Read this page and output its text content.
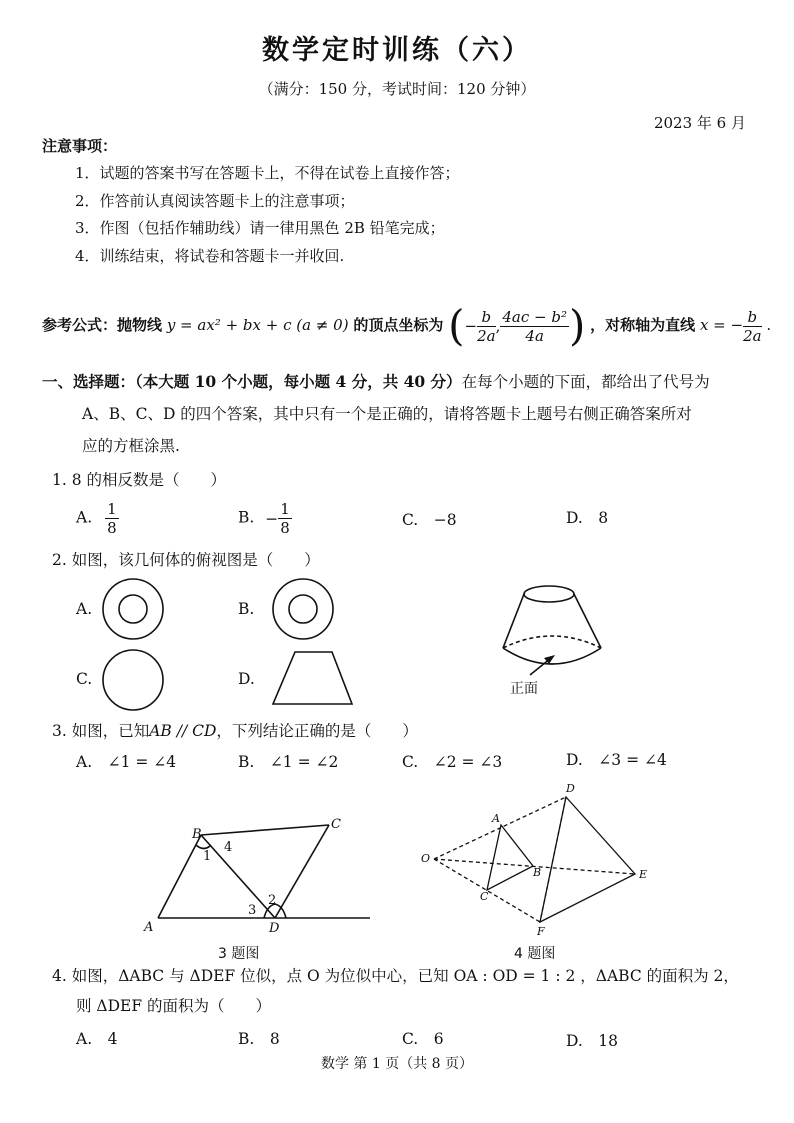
数学定时训练（六）
（满分：150 分，考试时间：120 分钟）
2023 年 6 月
注意事项：
1．试题的答案书写在答题卡上，不得在试卷上直接作答；
2．作答前认真阅读答题卡上的注意事项；
3．作图（包括作辅助线）请一律用黑色 2B 铅笔完成；
4．训练结束，将试卷和答题卡一并收回.
参考公式：抛物线 y = ax² + bx + c (a ≠ 0) 的顶点坐标为 (− $\frac{b}{2a}$ , $\frac{\text{4ac − b²}}{4a}$ ) ，对称轴为直线 x = − $\frac{b}{2a}$ .
一、选择题：（本大题 10 个小题，每小题 4 分，共 40 分）在每个小题的下面，都给出了代号为
A、B、C、D 的四个答案，其中只有一个是正确的，请将答题卡上题号右侧正确答案所对
应的方框涂黑.
1. 8 的相反数是（　　）
A. $\frac{1}{8}$	B. − $\frac{1}{8}$	C.　−8	D.　8
2. 如图，该几何体的俯视图是（　　）
A.	B.
C.	D.
B
C
A	D
1
4
2
3
3 题图
O
A
B
C
D
E
F
4 题图
正面
3. 如图，已知AB // CD，下列结论正确的是（　　）
A.　∠1 = ∠4	B.　∠1 = ∠2	C.　∠2 = ∠3	D.　∠3 = ∠4
4. 如图，ΔABC 与 ΔDEF 位似，点 O 为位似中心，已知 OA : OD = 1 : 2 ，ΔABC 的面积为 2，
则 ΔDEF 的面积为（　　）
A.　4	B.　8	C.　6	D.　18
数学 第 1 页（共 8 页）
